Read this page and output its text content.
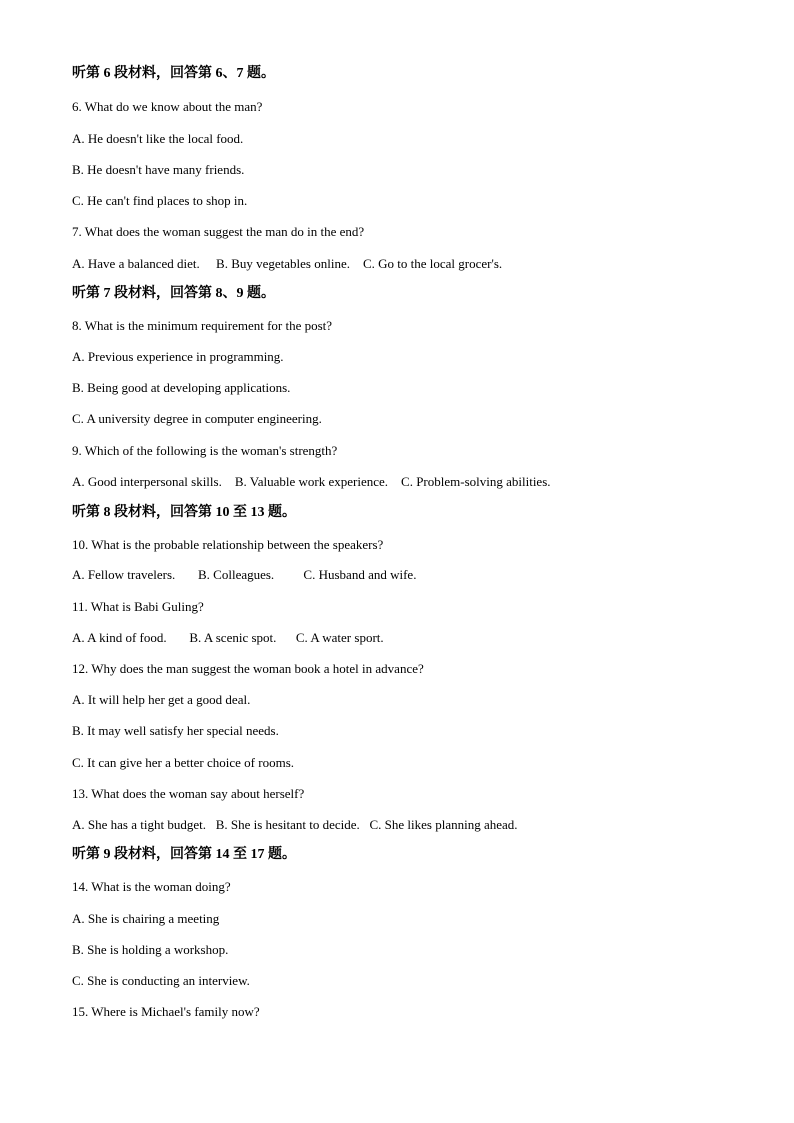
听第 6 段材料，回答第 6、7 题。
6. What do we know about the man?
A. He doesn't like the local food.
B. He doesn't have many friends.
C. He can't find places to shop in.
7. What does the woman suggest the man do in the end?
A. Have a balanced diet.     B. Buy vegetables online.    C. Go to the local grocer's.
听第 7 段材料，回答第 8、9 题。
8. What is the minimum requirement for the post?
A. Previous experience in programming.
B. Being good at developing applications.
C. A university degree in computer engineering.
9. Which of the following is the woman's strength?
A. Good interpersonal skills.    B. Valuable work experience.    C. Problem-solving abilities.
听第 8 段材料，回答第 10 至 13 题。
10. What is the probable relationship between the speakers?
A. Fellow travelers.       B. Colleagues.         C. Husband and wife.
11. What is Babi Guling?
A. A kind of food.       B. A scenic spot.      C. A water sport.
12. Why does the man suggest the woman book a hotel in advance?
A. It will help her get a good deal.
B. It may well satisfy her special needs.
C. It can give her a better choice of rooms.
13. What does the woman say about herself?
A. She has a tight budget.   B. She is hesitant to decide.   C. She likes planning ahead.
听第 9 段材料，回答第 14 至 17 题。
14. What is the woman doing?
A. She is chairing a meeting
B. She is holding a workshop.
C. She is conducting an interview.
15. Where is Michael's family now?
